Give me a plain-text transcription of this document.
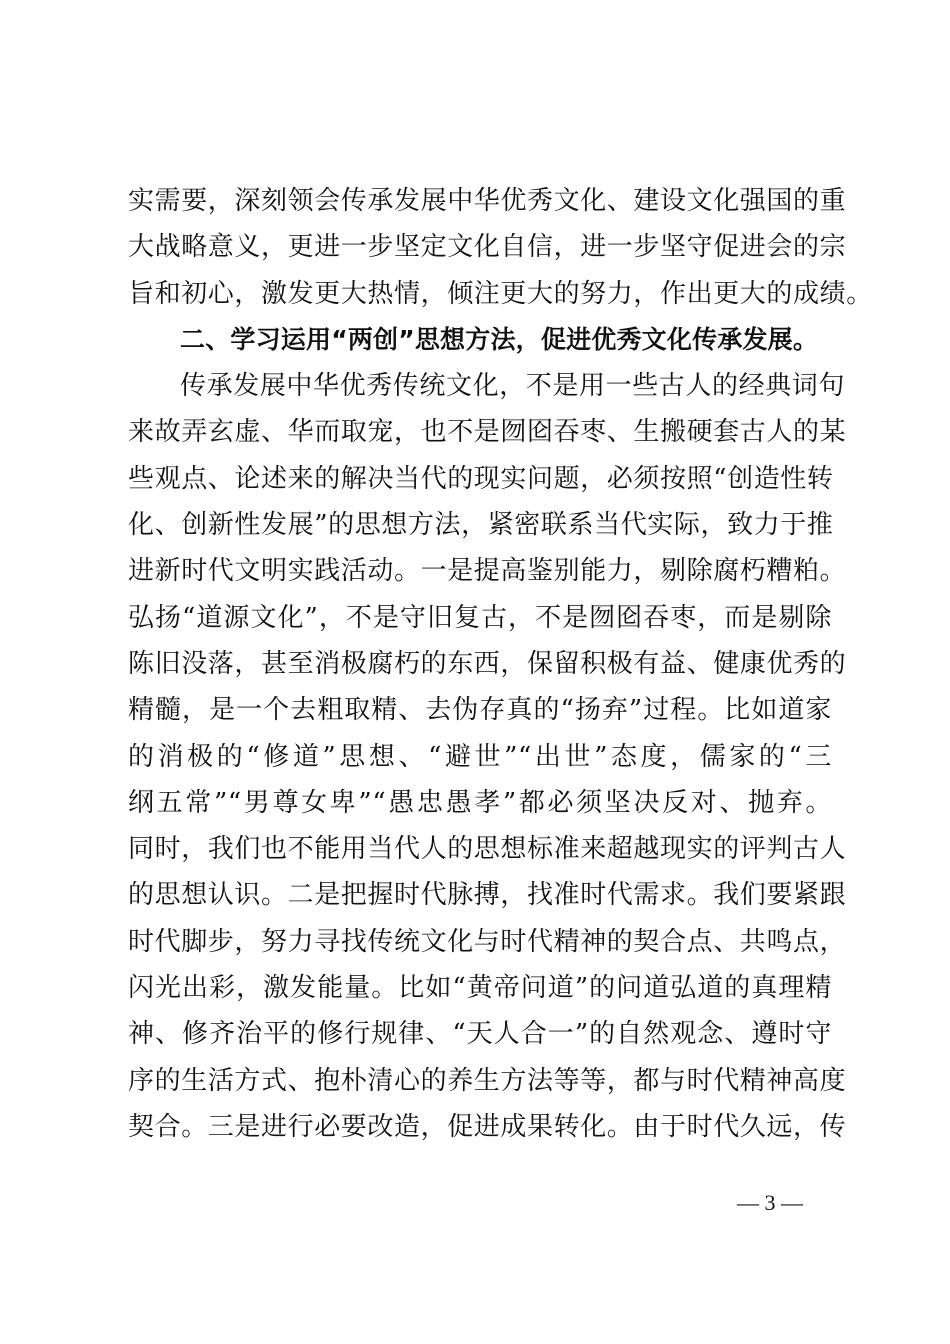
实需要，深刻领会传承发展中华优秀文化、建设文化强国的重
大战略意义，更进一步坚定文化自信，进一步坚守促进会的宗
旨和初心，激发更大热情，倾注更大的努力，作出更大的成绩。
二、学习运用“两创”思想方法，促进优秀文化传承发展。
传承发展中华优秀传统文化，不是用一些古人的经典词句
来故弄玄虚、华而取宠，也不是囫囵吞枣、生搬硬套古人的某
些观点、论述来的解决当代的现实问题，必须按照“创造性转
化、创新性发展”的思想方法，紧密联系当代实际，致力于推
进新时代文明实践活动。一是提高鉴别能力，剔除腐朽糟粕。
弘扬“道源文化”，不是守旧复古，不是囫囵吞枣，而是剔除
陈旧没落，甚至消极腐朽的东西，保留积极有益、健康优秀的
精髓，是一个去粗取精、去伪存真的“扬弃”过程。比如道家
的消极的“修道”思想、“避世”“出世”态度，儒家的“三
纲五常”“男尊女卑”“愚忠愚孝”都必须坚决反对、抛弃。
同时，我们也不能用当代人的思想标准来超越现实的评判古人
的思想认识。二是把握时代脉搏，找准时代需求。我们要紧跟
时代脚步，努力寻找传统文化与时代精神的契合点、共鸣点，
闪光出彩，激发能量。比如“黄帝问道”的问道弘道的真理精
神、修齐治平的修行规律、“天人合一”的自然观念、遵时守
序的生活方式、抱朴清心的养生方法等等，都与时代精神高度
契合。三是进行必要改造，促进成果转化。由于时代久远，传
— 3 —
